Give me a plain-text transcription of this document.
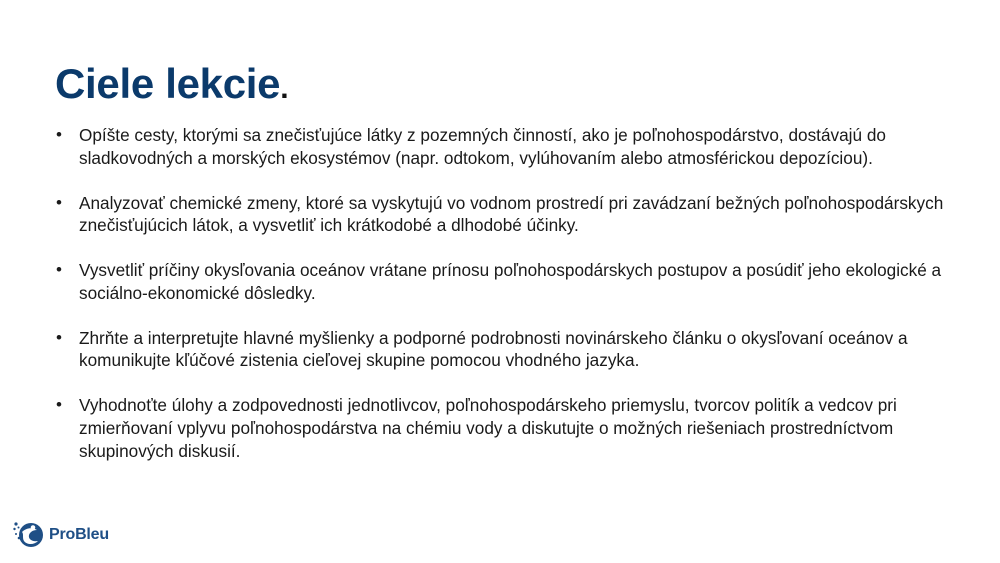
Ciele lekcie.
• Opíšte cesty, ktorými sa znečisťujúce látky z pozemných činností, ako je poľnohospodárstvo, dostávajú do sladkovodných a morských ekosystémov (napr. odtokom, vylúhovaním alebo atmosférickou depozíciou).
• Analyzovať chemické zmeny, ktoré sa vyskytujú vo vodnom prostredí pri zavádzaní bežných poľnohospodárskych znečisťujúcich látok, a vysvetliť ich krátkodobé a dlhodobé účinky.
• Vysvetliť príčiny okysľovania oceánov vrátane prínosu poľnohospodárskych postupov a posúdiť jeho ekologické a sociálno-ekonomické dôsledky.
• Zhrňte a interpretujte hlavné myšlienky a podporné podrobnosti novinárskeho článku o okysľovaní oceánov a komunikujte kľúčové zistenia cieľovej skupine pomocou vhodného jazyka.
• Vyhodnoťte úlohy a zodpovednosti jednotlivcov, poľnohospodárskeho priemyslu, tvorcov politík a vedcov pri zmierňovaní vplyvu poľnohospodárstva na chémiu vody a diskutujte o možných riešeniach prostredníctvom skupinových diskusií.
ProBleu
